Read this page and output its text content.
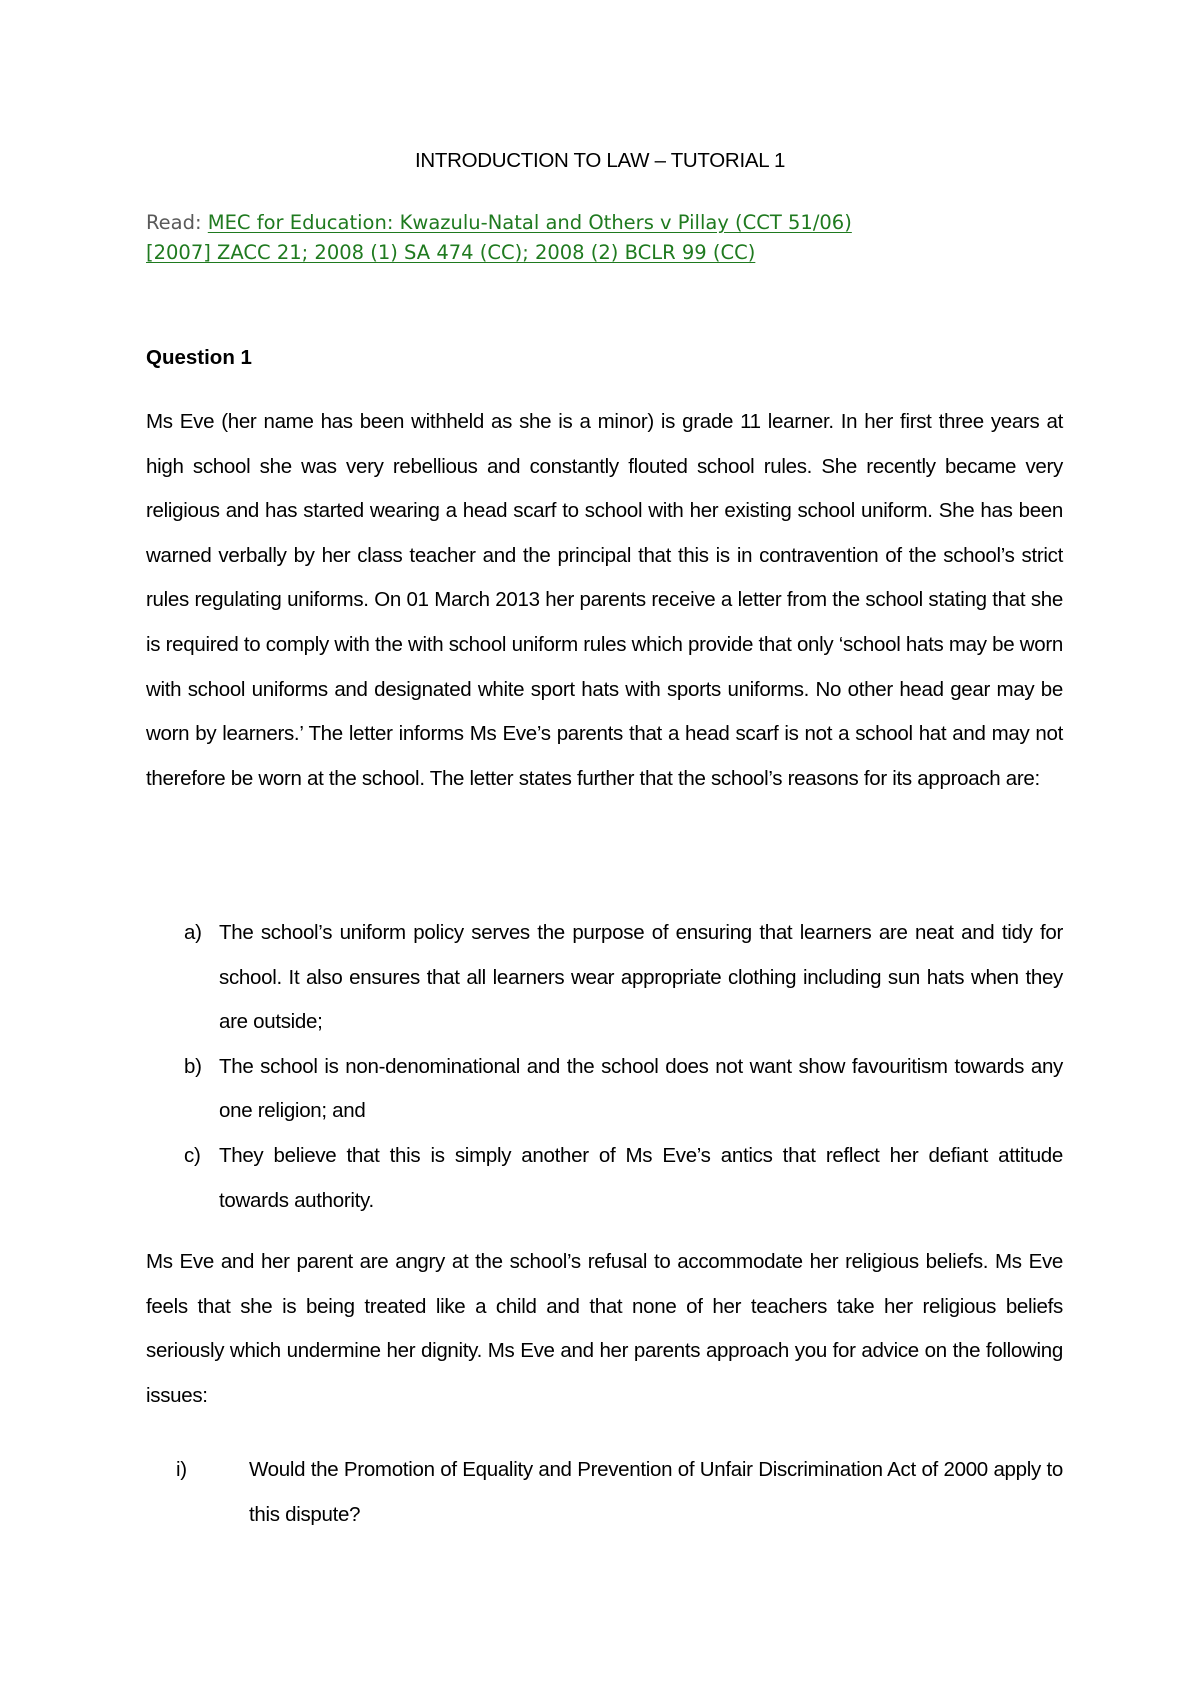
INTRODUCTION TO LAW – TUTORIAL 1
Read: MEC for Education: Kwazulu-Natal and Others v Pillay (CCT 51/06)
[2007] ZACC 21; 2008 (1) SA 474 (CC); 2008 (2) BCLR 99 (CC)
Question 1

Ms Eve (her name has been withheld as she is a minor) is grade 11 learner. In her first three years at high school she was very rebellious and constantly flouted school rules. She recently became very religious and has started wearing a head scarf to school with her existing school uniform. She has been warned verbally by her class teacher and the principal that this is in contravention of the school’s strict rules regulating uniforms. On 01 March 2013 her parents receive a letter from the school stating that she is required to comply with the with school uniform rules which provide that only ‘school hats may be worn with school uniforms and designated white sport hats with sports uniforms. No other head gear may be worn by learners.’ The letter informs Ms Eve’s parents that a head scarf is not a school hat and may not therefore be worn at the school. The letter states further that the school’s reasons for its approach are:

a) The school’s uniform policy serves the purpose of ensuring that learners are neat and tidy for school. It also ensures that all learners wear appropriate clothing including sun hats when they are outside;
b) The school is non-denominational and the school does not want show favouritism towards any one religion; and
c) They believe that this is simply another of Ms Eve’s antics that reflect her defiant attitude towards authority.

Ms Eve and her parent are angry at the school’s refusal to accommodate her religious beliefs. Ms Eve feels that she is being treated like a child and that none of her teachers take her religious beliefs seriously which undermine her dignity. Ms Eve and her parents approach you for advice on the following issues:

i)	Would the Promotion of Equality and Prevention of Unfair Discrimination Act of 2000 apply to this dispute?
